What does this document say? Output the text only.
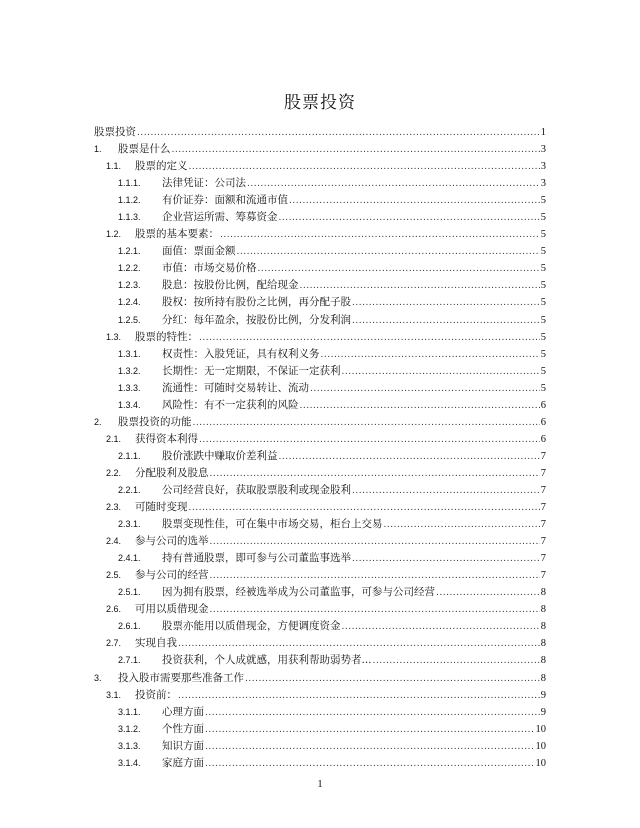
股票投资
股票投资 .....	1
1.	股票是什么 .....	3
1.1.	股票的定义 .....	3
1.1.1.	法律凭证：公司法 .....	3
1.1.2.	有价证券：面额和流通市值 .....	5
1.1.3.	企业营运所需、筹募资金 .....	5
1.2.	股票的基本要素： .....	5
1.2.1.	面值：票面金额 .....	5
1.2.2.	市值：市场交易价格 .....	5
1.2.3.	股息：按股份比例，配给现金 .....	5
1.2.4.	股权：按所持有股份之比例，再分配子股 .....	5
1.2.5.	分红：每年盈余，按股份比例，分发利润 .....	5
1.3.	股票的特性： .....	5
1.3.1.	权责性：入股凭证，具有权利义务 .....	5
1.3.2.	长期性：无一定期限，不保证一定获利 .....	5
1.3.3.	流通性：可随时交易转让、流动 .....	5
1.3.4.	风险性：有不一定获利的风险 .....	6
2.	股票投资的功能 .....	6
2.1.	获得资本利得 .....	6
2.1.1.	股价涨跌中赚取价差利益 .....	7
2.2.	分配股利及股息 .....	7
2.2.1.	公司经营良好，获取股票股利或现金股利 .....	7
2.3.	可随时变现 .....	7
2.3.1.	股票变现性佳，可在集中市场交易，柜台上交易 .....	7
2.4.	参与公司的选举 .....	7
2.4.1.	持有普通股票，即可参与公司董监事选举 .....	7
2.5.	参与公司的经营 .....	7
2.5.1.	因为拥有股票，经被选举成为公司董监事，可参与公司经营 .....	8
2.6.	可用以质借现金 .....	8
2.6.1.	股票亦能用以质借现金，方便调度资金 .....	8
2.7.	实现自我 .....	8
2.7.1.	投资获利，个人成就感，用获利帮助弱势者... .....	8
3.	投入股市需要那些准备工作 .....	8
3.1.	投资前： .....	9
3.1.1.	心理方面 .....	9
3.1.2.	个性方面 .....	10
3.1.3.	知识方面 .....	10
3.1.4.	家庭方面 .....	10
1
